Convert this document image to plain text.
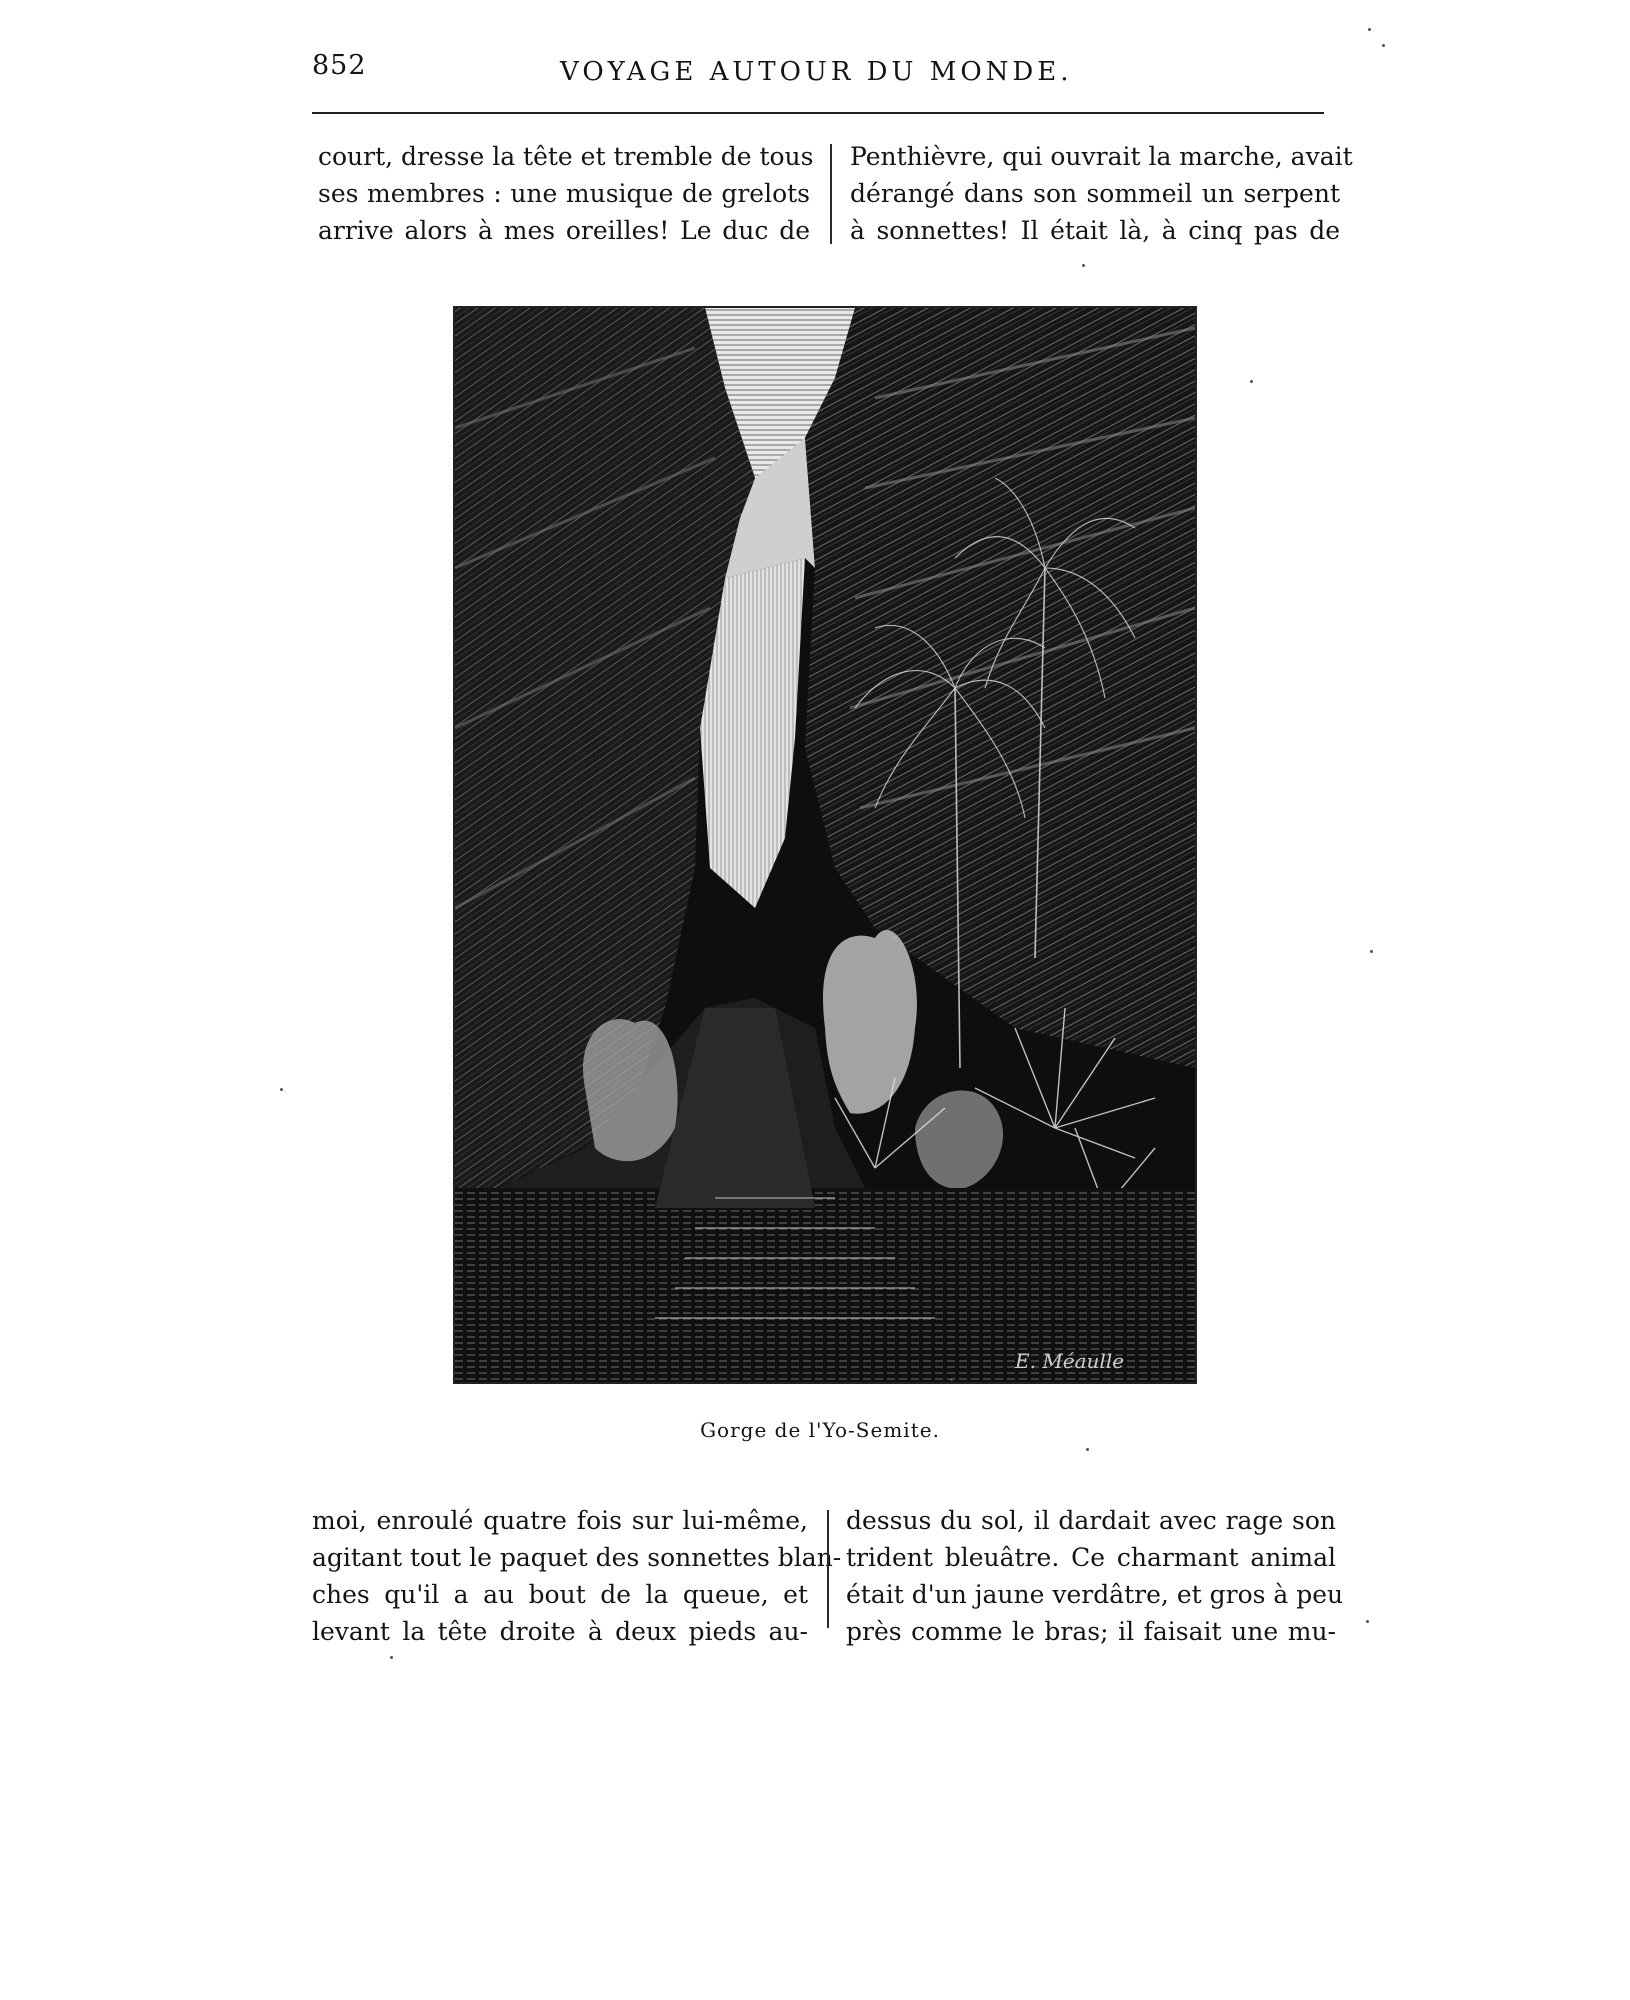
852	VOYAGE AUTOUR DU MONDE.
court, dresse la tête et tremble de tous
ses membres : une musique de grelots
arrive alors à mes oreilles! Le duc de
Penthièvre, qui ouvrait la marche, avait
dérangé dans son sommeil un serpent
à sonnettes! Il était là, à cinq pas de
E. Méaulle
Gorge de l'Yo-Semite.
moi, enroulé quatre fois sur lui-même,
agitant tout le paquet des sonnettes blan-
ches qu'il a au bout de la queue, et
levant la tête droite à deux pieds au-
dessus du sol, il dardait avec rage son
trident bleuâtre. Ce charmant animal
était d'un jaune verdâtre, et gros à peu
près comme le bras; il faisait une mu-
